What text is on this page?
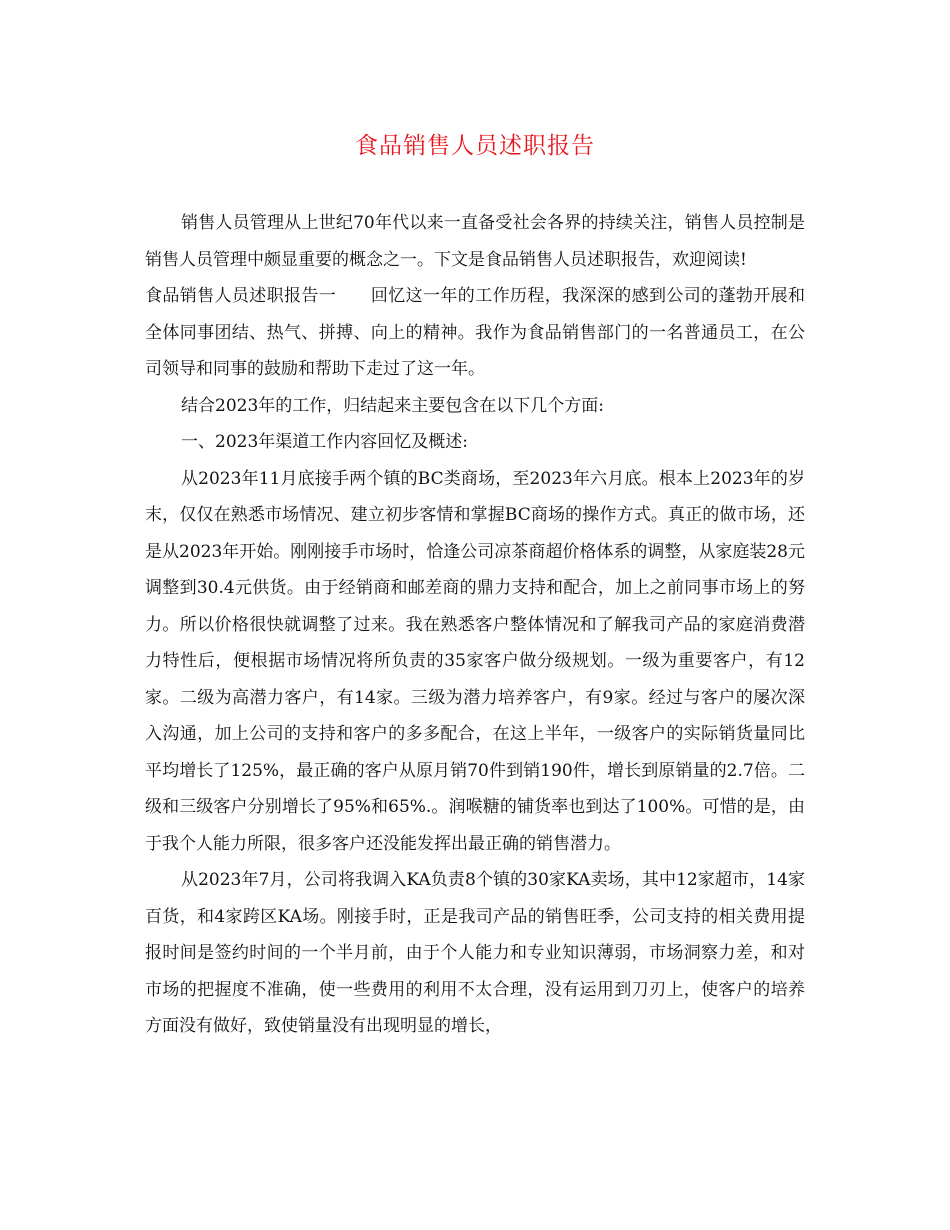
食品销售人员述职报告

销售人员管理从上世纪70年代以来一直备受社会各界的持续关注，销售人员控制是销售人员管理中颇显重要的概念之一。下文是食品销售人员述职报告，欢迎阅读!

食品销售人员述职报告一　　回忆这一年的工作历程，我深深的感到公司的蓬勃开展和全体同事团结、热气、拼搏、向上的精神。我作为食品销售部门的一名普通员工，在公司领导和同事的鼓励和帮助下走过了这一年。

结合2023年的工作，归结起来主要包含在以下几个方面:

一、2023年渠道工作内容回忆及概述:

从2023年11月底接手两个镇的BC类商场，至2023年六月底。根本上2023年的岁末，仅仅在熟悉市场情况、建立初步客情和掌握BC商场的操作方式。真正的做市场，还是从2023年开始。刚刚接手市场时，恰逢公司凉茶商超价格体系的调整，从家庭装28元调整到30.4元供货。由于经销商和邮差商的鼎力支持和配合，加上之前同事市场上的努力。所以价格很快就调整了过来。我在熟悉客户整体情况和了解我司产品的家庭消费潜力特性后，便根据市场情况将所负责的35家客户做分级规划。一级为重要客户，有12家。二级为高潜力客户，有14家。三级为潜力培养客户，有9家。经过与客户的屡次深入沟通，加上公司的支持和客户的多多配合，在这上半年，一级客户的实际销货量同比平均增长了125%，最正确的客户从原月销70件到销190件，增长到原销量的2.7倍。二级和三级客户分别增长了95%和65%.。润喉糖的铺货率也到达了100%。可惜的是，由于我个人能力所限，很多客户还没能发挥出最正确的销售潜力。

从2023年7月，公司将我调入KA负责8个镇的30家KA卖场，其中12家超市，14家百货，和4家跨区KA场。刚接手时，正是我司产品的销售旺季，公司支持的相关费用提报时间是签约时间的一个半月前，由于个人能力和专业知识薄弱，市场洞察力差，和对市场的把握度不准确，使一些费用的利用不太合理，没有运用到刀刃上，使客户的培养方面没有做好，致使销量没有出现明显的增长，
